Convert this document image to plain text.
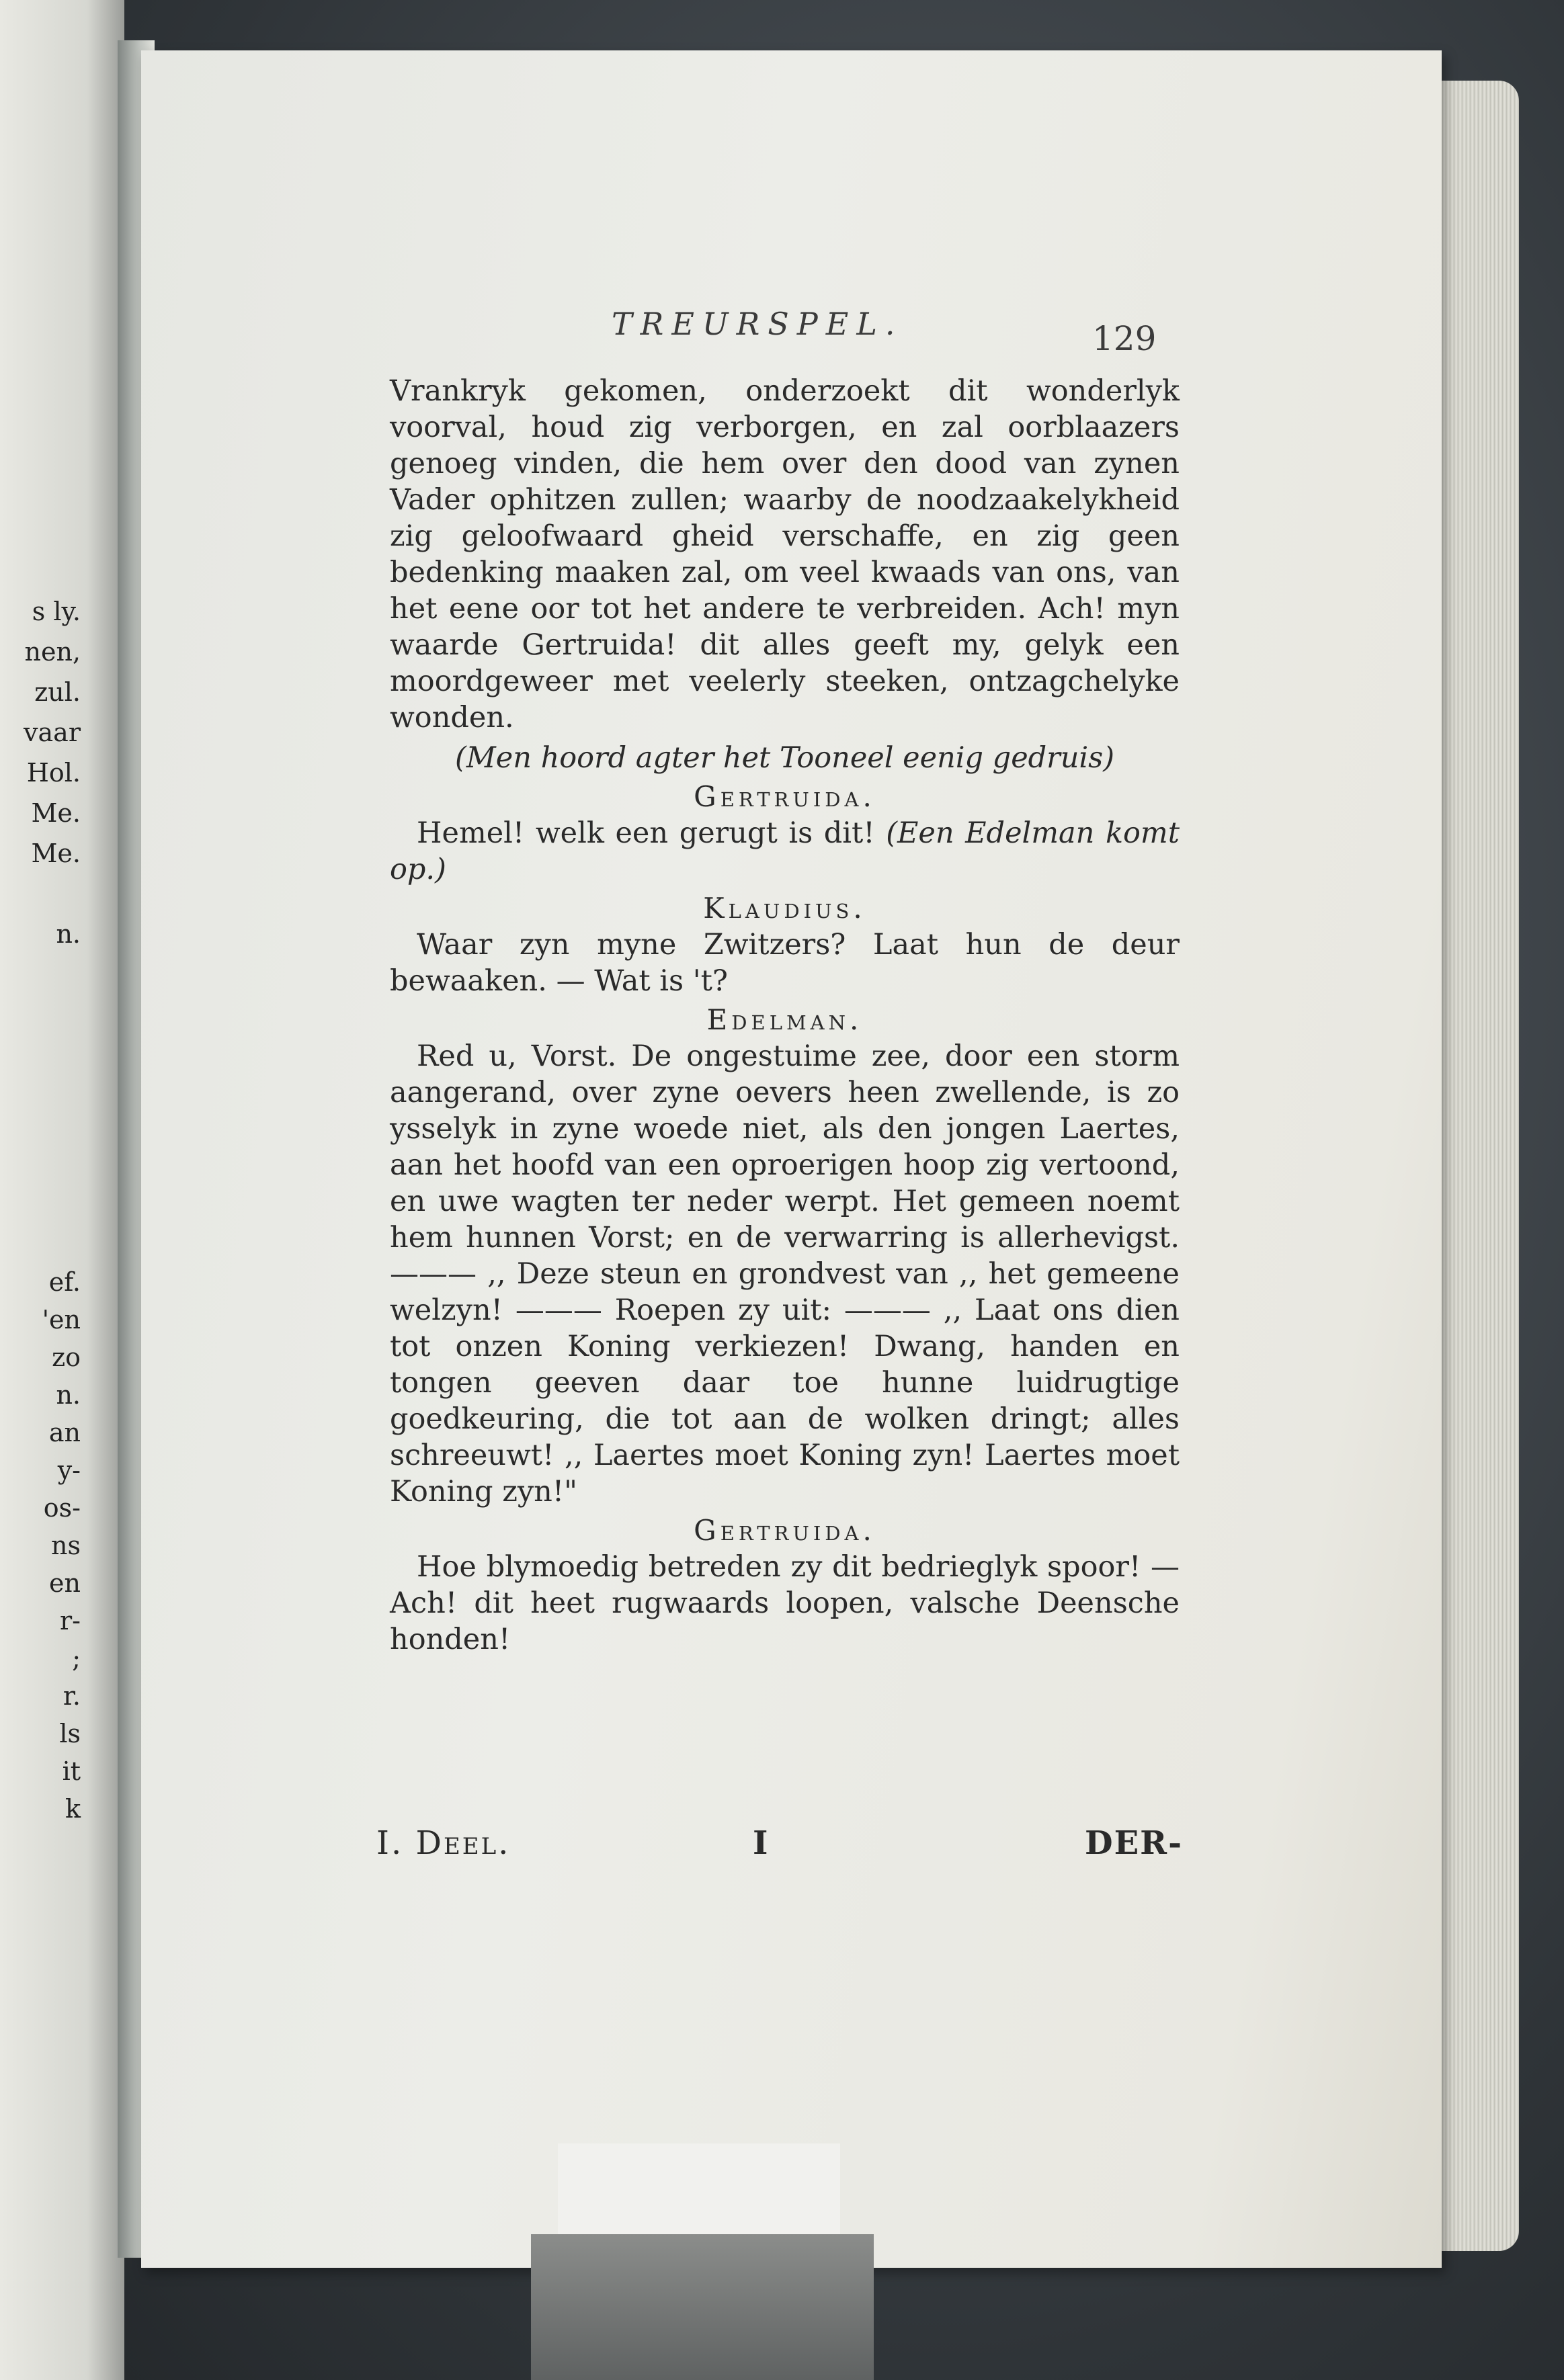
s ly.
nen,
zul.
vaar
Hol.
Me.
Me.

n.
ef.
'en
zo
n.
an
y-
os-
ns
en
r-
;
r.
ls
it
k
TREURSPEL.	129

Vrankryk gekomen, onderzoekt dit wonderlyk voorval, houd zig verborgen, en zal oorblaazers genoeg vinden, die hem over den dood van zynen Vader ophitzen zullen; waarby de noodzaakelykheid zig geloofwaard gheid verschaffe, en zig geen bedenking maaken zal, om veel kwaads van ons, van het eene oor tot het andere te verbreiden. Ach! myn waarde Gertruida! dit alles geeft my, gelyk een moordgeweer met veelerly steeken, ontzagchelyke wonden.

(Men hoord agter het Tooneel eenig gedruis)

Gertruida.

Hemel! welk een gerugt is dit! (Een Edelman komt op.)

Klaudius.

Waar zyn myne Zwitzers? Laat hun de deur bewaaken. — Wat is 't?

Edelman.

Red u, Vorst. De ongestuime zee, door een storm aangerand, over zyne oevers heen zwellende, is zo ysselyk in zyne woede niet, als den jongen Laertes, aan het hoofd van een oproerigen hoop zig vertoond, en uwe wagten ter neder werpt. Het gemeen noemt hem hunnen Vorst; en de verwarring is allerhevigst. ——— ,, Deze steun en grondvest van ,, het gemeene welzyn! ——— Roepen zy uit: ——— ,, Laat ons dien tot onzen Koning verkiezen! Dwang, handen en tongen geeven daar toe hunne luidrugtige goedkeuring, die tot aan de wolken dringt; alles schreeuwt! ,, Laertes moet Koning zyn! Laertes moet Koning zyn!"

Gertruida.

Hoe blymoedig betreden zy dit bedrieglyk spoor! — Ach! dit heet rugwaards loopen, valsche Deensche honden!

I. Deel.	I	DER-
